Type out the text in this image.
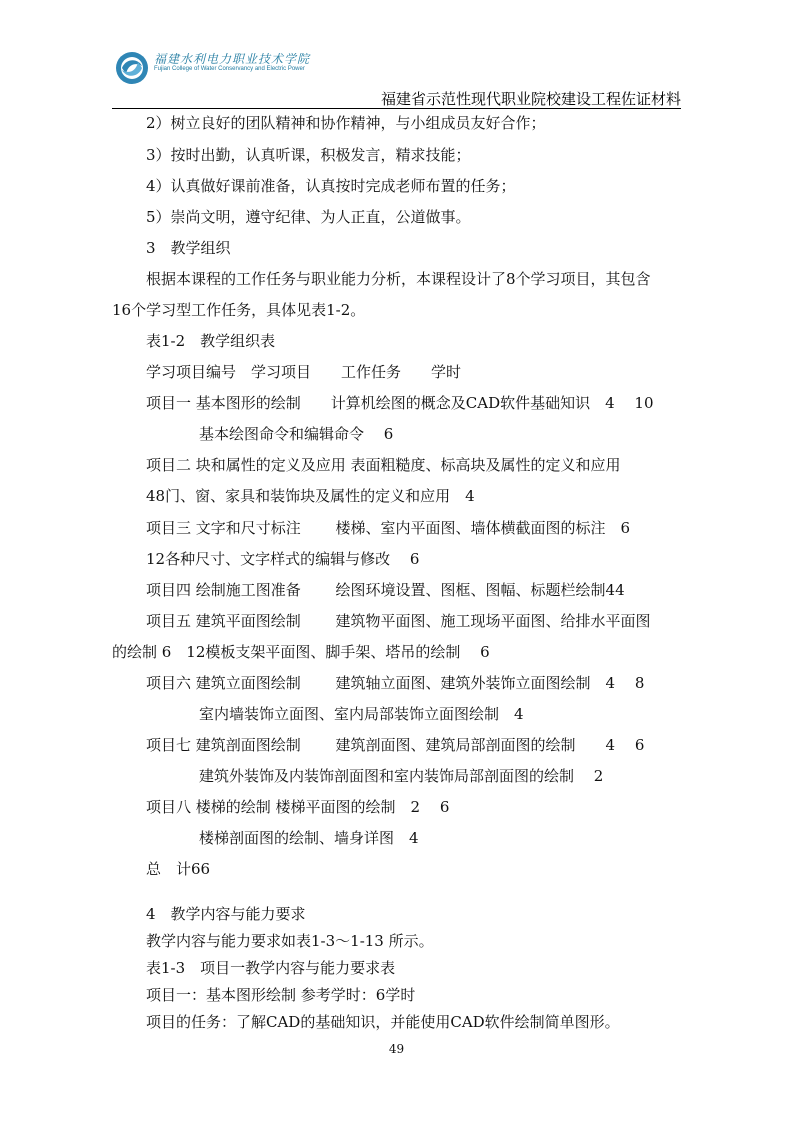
福建水利电力职业技术学院
Fujian College of Water Conservancy and Electric Power
福建省示范性现代职业院校建设工程佐证材料
2）树立良好的团队精神和协作精神，与小组成员友好合作；
3）按时出勤，认真听课，积极发言，精求技能；
4）认真做好课前准备，认真按时完成老师布置的任务；
5）崇尚文明，遵守纪律、为人正直，公道做事。
3　教学组织
根据本课程的工作任务与职业能力分析，本课程设计了8个学习项目，其包含
16个学习型工作任务，具体见表1-2。
表1-2　教学组织表
学习项目编号　学习项目　　工作任务　　学时
项目一 基本图形的绘制　　计算机绘图的概念及CAD软件基础知识　4　 10
基本绘图命令和编辑命令　 6
项目二 块和属性的定义及应用 表面粗糙度、标高块及属性的定义和应用
48门、窗、家具和装饰块及属性的定义和应用　4
项目三 文字和尺寸标注　　 楼梯、室内平面图、墙体横截面图的标注　6
12各种尺寸、文字样式的编辑与修改　 6
项目四 绘制施工图准备　　 绘图环境设置、图框、图幅、标题栏绘制44
项目五 建筑平面图绘制　　 建筑物平面图、施工现场平面图、给排水平面图
的绘制 6　12模板支架平面图、脚手架、塔吊的绘制　 6
项目六 建筑立面图绘制　　 建筑轴立面图、建筑外装饰立面图绘制　4　 8
室内墙装饰立面图、室内局部装饰立面图绘制　4
项目七 建筑剖面图绘制　　 建筑剖面图、建筑局部剖面图的绘制　　4　 6
建筑外装饰及内装饰剖面图和室内装饰局部剖面图的绘制　 2
项目八 楼梯的绘制 楼梯平面图的绘制　2　 6
楼梯剖面图的绘制、墙身详图　4
总　计66
4　教学内容与能力要求
教学内容与能力要求如表1-3～1-13 所示。
表1-3　项目一教学内容与能力要求表
项目一：基本图形绘制 参考学时：6学时
49
项目的任务：了解CAD的基础知识，并能使用CAD软件绘制简单图形。
